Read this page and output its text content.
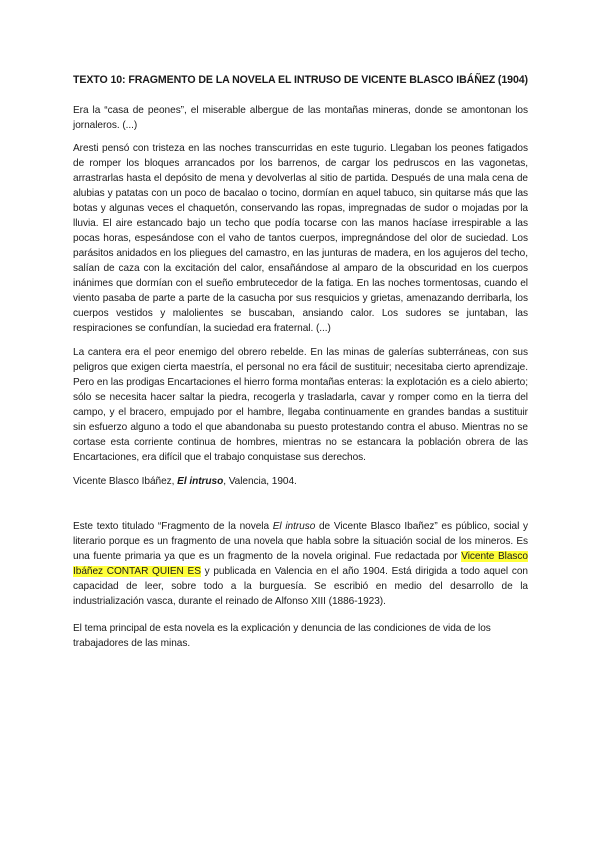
TEXTO 10: FRAGMENTO DE LA NOVELA EL INTRUSO DE VICENTE BLASCO IBÁÑEZ (1904)

Era la “casa de peones”, el miserable albergue de las montañas mineras, donde se amontonan los jornaleros. (...)

Aresti pensó con tristeza en las noches transcurridas en este tugurio. Llegaban los peones fatigados de romper los bloques arrancados por los barrenos, de cargar los pedruscos en las vagonetas, arrastrarlas hasta el depósito de mena y devolverlas al sitio de partida. Después de una mala cena de alubias y patatas con un poco de bacalao o tocino, dormían en aquel tabuco, sin quitarse más que las botas y algunas veces el chaquetón, conservando las ropas, impregnadas de sudor o mojadas por la lluvia. El aire estancado bajo un techo que podía tocarse con las manos hacíase irrespirable a las pocas horas, espesándose con el vaho de tantos cuerpos, impregnándose del olor de suciedad. Los parásitos anidados en los pliegues del camastro, en las junturas de madera, en los agujeros del techo, salían de caza con la excitación del calor, ensañándose al amparo de la obscuridad en los cuerpos inánimes que dormían con el sueño embrutecedor de la fatiga. En las noches tormentosas, cuando el viento pasaba de parte a parte de la casucha por sus resquicios y grietas, amenazando derribarla, los cuerpos vestidos y malolientes se buscaban, ansiando calor. Los sudores se juntaban, las respiraciones se confundían, la suciedad era fraternal. (...)

La cantera era el peor enemigo del obrero rebelde. En las minas de galerías subterráneas, con sus peligros que exigen cierta maestría, el personal no era fácil de sustituir; necesitaba cierto aprendizaje. Pero en las prodigas Encartaciones el hierro forma montañas enteras: la explotación es a cielo abierto; sólo se necesita hacer saltar la piedra, recogerla y trasladarla, cavar y romper como en la tierra del campo, y el bracero, empujado por el hambre, llegaba continuamente en grandes bandas a sustituir sin esfuerzo alguno a todo el que abandonaba su puesto protestando contra el abuso. Mientras no se cortase esta corriente continua de hombres, mientras no se estancara la población obrera de las Encartaciones, era difícil que el trabajo conquistase sus derechos.

Vicente Blasco Ibáñez, El intruso, Valencia, 1904.

Este texto titulado “Fragmento de la novela El intruso de Vicente Blasco Ibañez” es público, social y literario porque es un fragmento de una novela que habla sobre la situación social de los mineros. Es una fuente primaria ya que es un fragmento de la novela original. Fue redactada por Vicente Blasco Ibáñez CONTAR QUIEN ES y publicada en Valencia en el año 1904. Está dirigida a todo aquel con capacidad de leer, sobre todo a la burguesía. Se escribió en medio del desarrollo de la industrialización vasca, durante el reinado de Alfonso XIII (1886-1923).

El tema principal de esta novela es la explicación y denuncia de las condiciones de vida de los trabajadores de las minas.
